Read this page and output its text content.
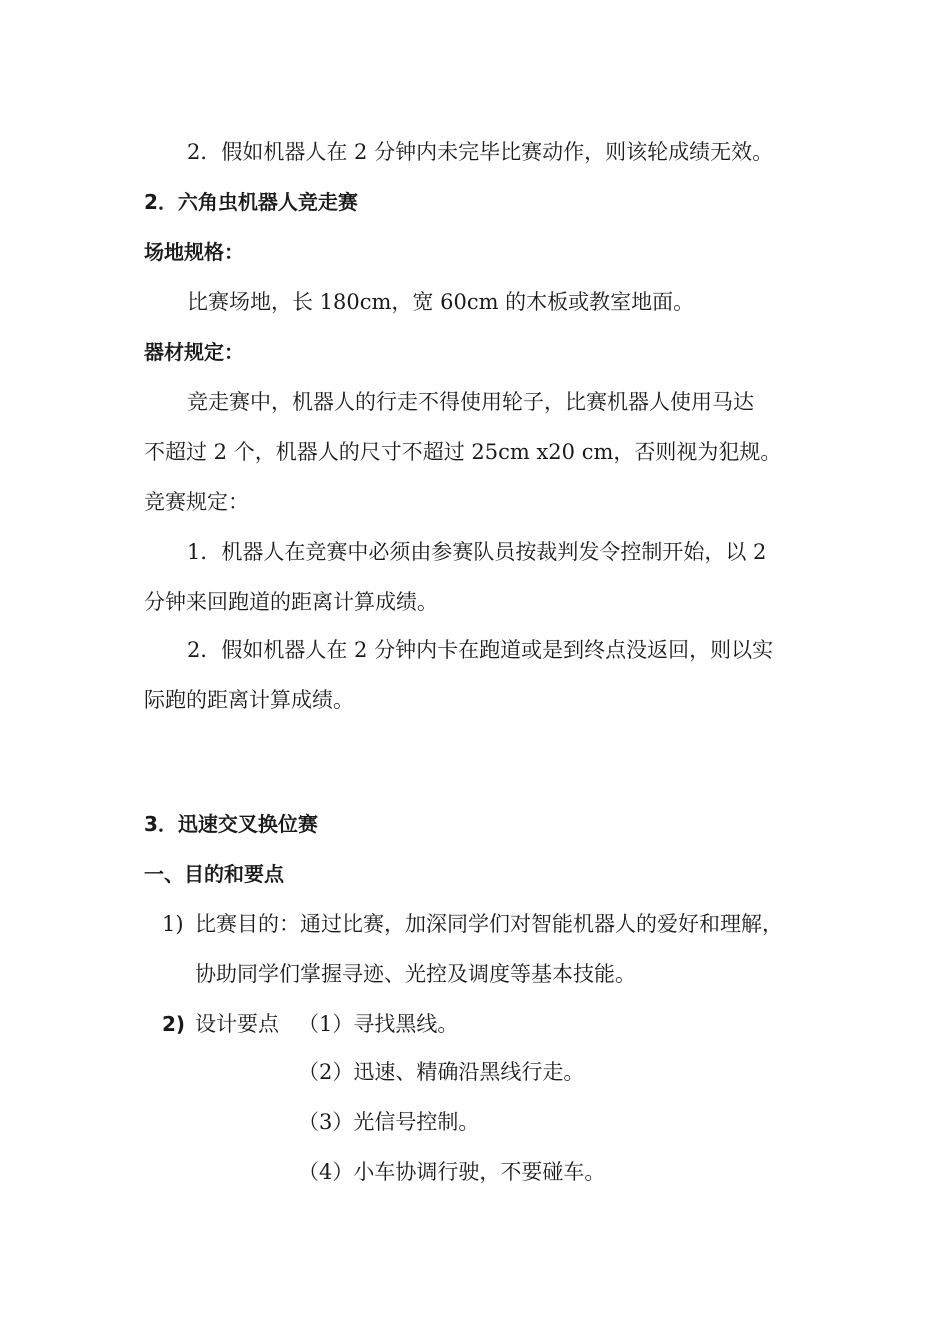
2．假如机器人在 2 分钟内未完毕比赛动作，则该轮成绩无效。
2．六角虫机器人竞走赛
场地规格：
比赛场地，长 180cm，宽 60cm 的木板或教室地面。
器材规定：
竞走赛中，机器人的行走不得使用轮子，比赛机器人使用马达
不超过 2 个，机器人的尺寸不超过 25cm x20 cm，否则视为犯规。
竞赛规定：
1．机器人在竞赛中必须由参赛队员按裁判发令控制开始，以 2
分钟来回跑道的距离计算成绩。
2．假如机器人在 2 分钟内卡在跑道或是到终点没返回，则以实
际跑的距离计算成绩。
3．迅速交叉换位赛
一、目的和要点
1) 比赛目的：通过比赛，加深同学们对智能机器人的爱好和理解，
协助同学们掌握寻迹、光控及调度等基本技能。
2) 设计要点 （1）寻找黑线。
（2）迅速、精确沿黑线行走。
（3）光信号控制。
（4）小车协调行驶，不要碰车。
